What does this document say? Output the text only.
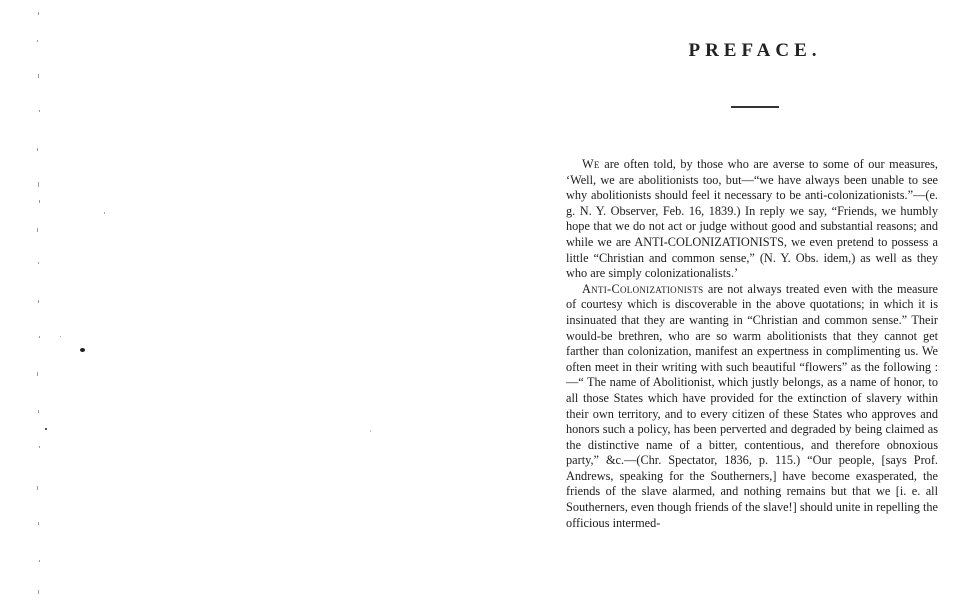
PREFACE.

We are often told, by those who are averse to some of our measures, ‘Well, we are abolitionists too, but—“we have always been unable to see why abolitionists should feel it necessary to be anti-colonizationists.”—(e. g. N. Y. Observer, Feb. 16, 1839.) In reply we say, “Friends, we humbly hope that we do not act or judge without good and substantial reasons; and while we are ANTI-COLONIZATIONISTS, we even pretend to possess a little “Christian and common sense,” (N. Y. Obs. idem,) as well as they who are simply colonizationalists.’

Anti-Colonizationists are not always treated even with the measure of courtesy which is discoverable in the above quotations; in which it is insinuated that they are wanting in “Christian and common sense.” Their would-be brethren, who are so warm abolitionists that they cannot get farther than colonization, manifest an expertness in complimenting us. We often meet in their writing with such beautiful “flowers” as the following :—“ The name of Abolitionist, which justly belongs, as a name of honor, to all those States which have provided for the extinction of slavery within their own territory, and to every citizen of these States who approves and honors such a policy, has been perverted and degraded by being claimed as the distinctive name of a bitter, contentious, and therefore obnoxious party,” &c.—(Chr. Spectator, 1836, p. 115.) “Our people, [says Prof. Andrews, speaking for the Southerners,] have become exasperated, the friends of the slave alarmed, and nothing remains but that we [i. e. all Southerners, even though friends of the slave!] should unite in repelling the officious intermed-
